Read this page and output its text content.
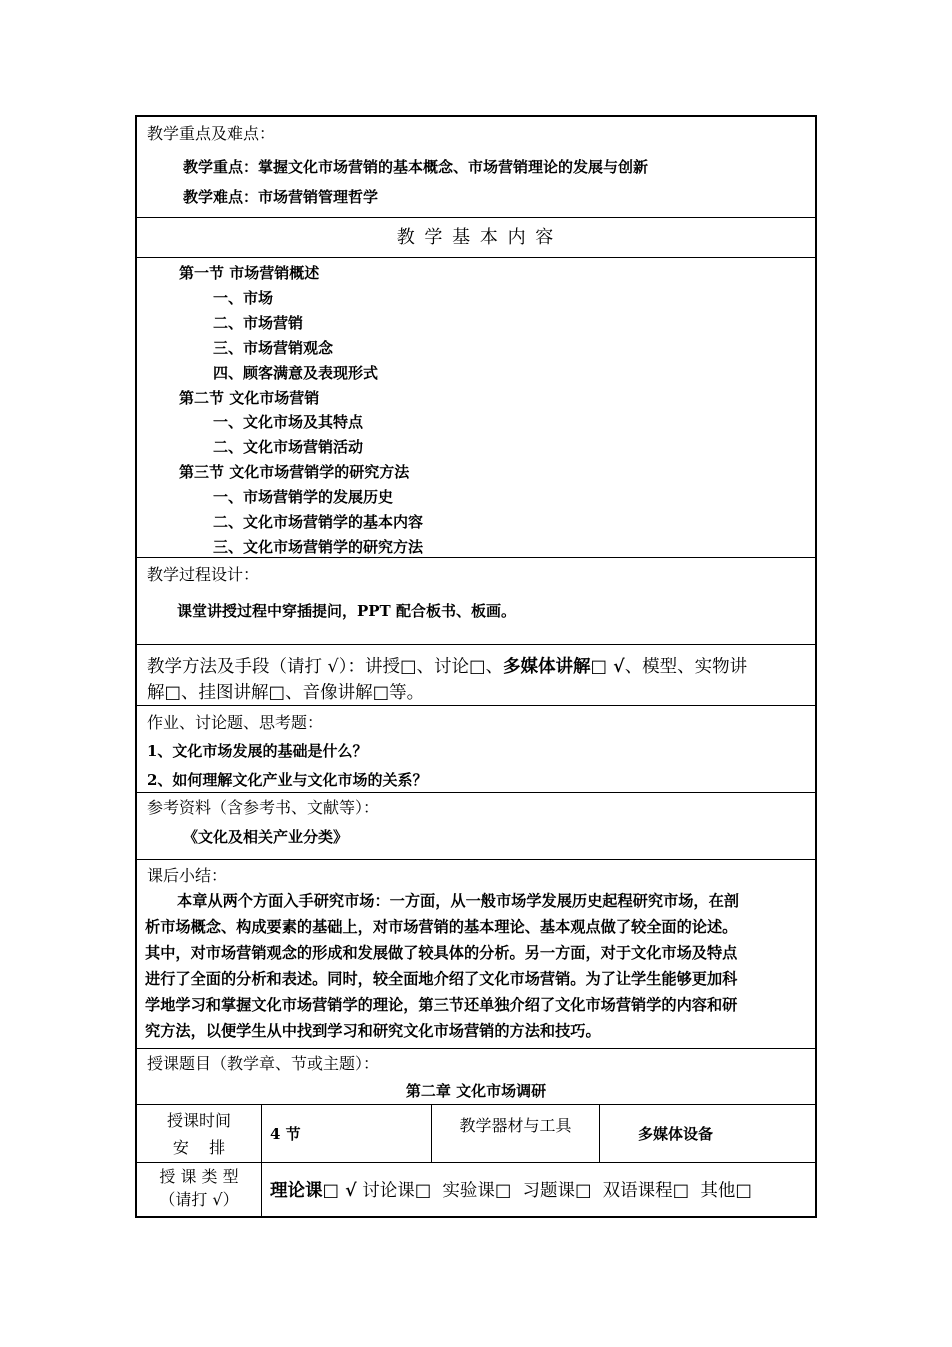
教学重点及难点：
教学重点：掌握文化市场营销的基本概念、市场营销理论的发展与创新
教学难点：市场营销管理哲学
教 学 基 本 内 容
第一节 市场营销概述
一、市场
二、市场营销
三、市场营销观念
四、顾客满意及表现形式
第二节 文化市场营销
一、文化市场及其特点
二、文化市场营销活动
第三节 文化市场营销学的研究方法
一、市场营销学的发展历史
二、文化市场营销学的基本内容
三、文化市场营销学的研究方法
教学过程设计：
课堂讲授过程中穿插提问，PPT 配合板书、板画。
教学方法及手段（请打 √）：讲授□、讨论□、多媒体讲解□ √、模型、实物讲
解□、挂图讲解□、音像讲解□等。
作业、讨论题、思考题：
1、文化市场发展的基础是什么？
2、如何理解文化产业与文化市场的关系？
参考资料（含参考书、文献等）：
《文化及相关产业分类》
课后小结：
本章从两个方面入手研究市场：一方面，从一般市场学发展历史起程研究市场，在剖
析市场概念、构成要素的基础上，对市场营销的基本理论、基本观点做了较全面的论述。
其中，对市场营销观念的形成和发展做了较具体的分析。另一方面，对于文化市场及特点
进行了全面的分析和表述。同时，较全面地介绍了文化市场营销。为了让学生能够更加科
学地学习和掌握文化市场营销学的理论，第三节还单独介绍了文化市场营销学的内容和研
究方法，以便学生从中找到学习和研究文化市场营销的方法和技巧。
授课题目（教学章、节或主题）：
第二章 文化市场调研
授课时间
安    排	4 节	教学器材与工具	多媒体设备

授 课 类 型
（请打 √）	理论课□ √ 讨论课□  实验课□  习题课□  双语课程□  其他□		
